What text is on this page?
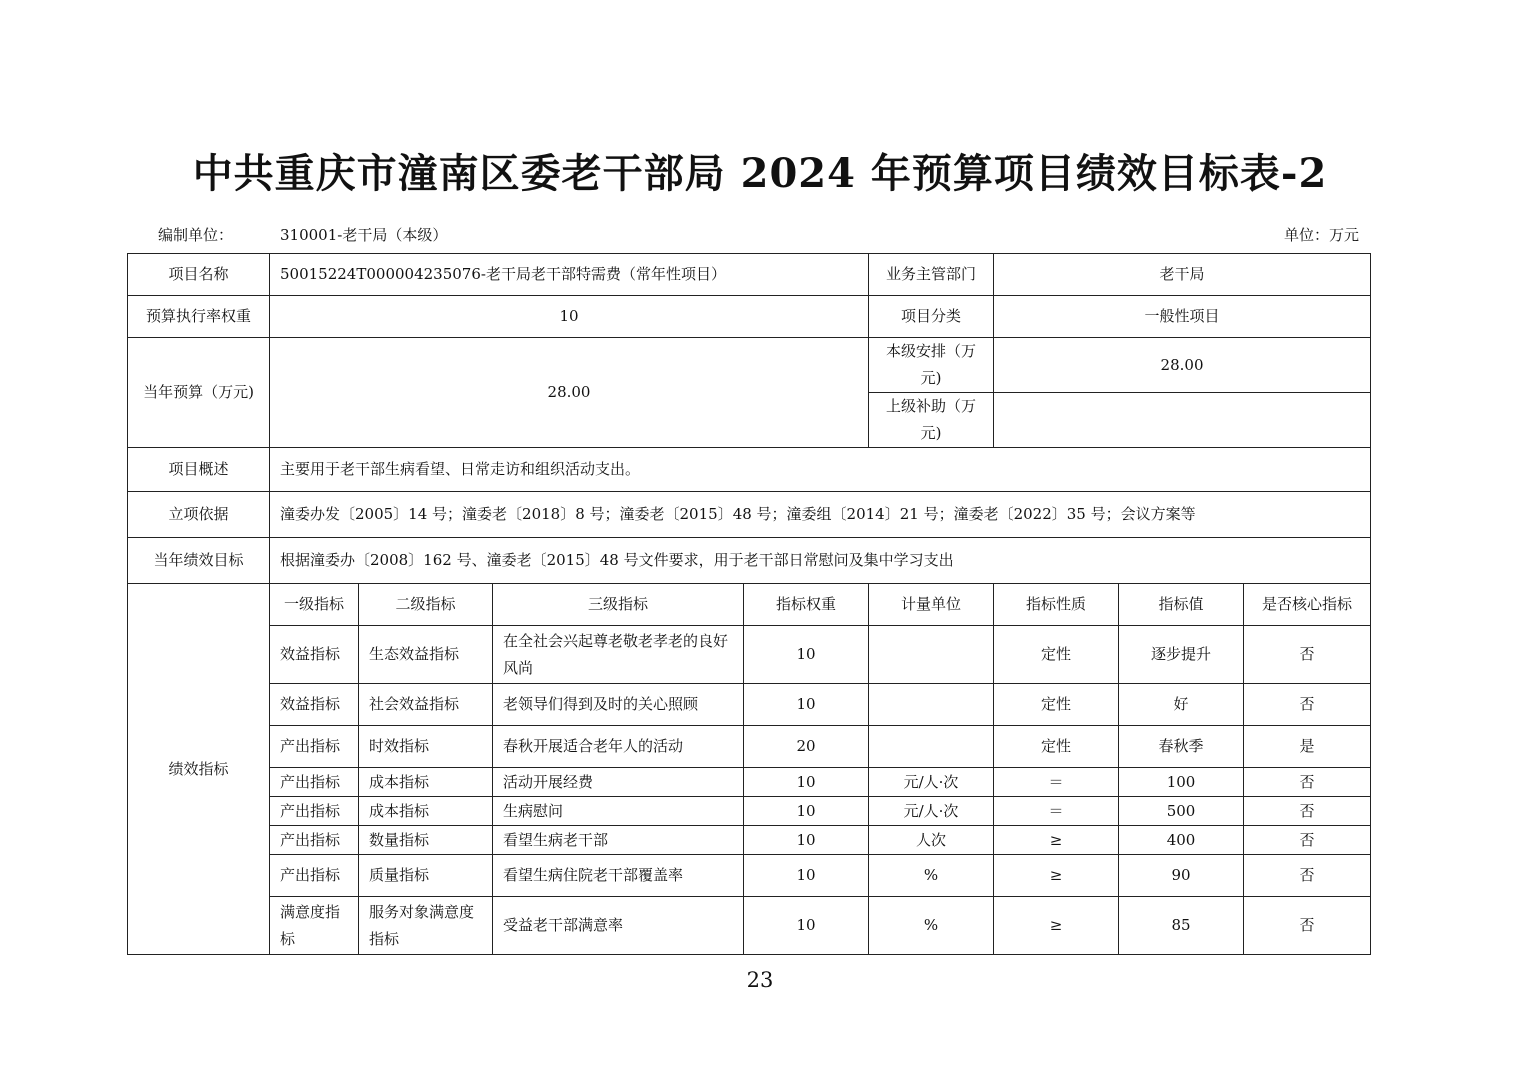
中共重庆市潼南区委老干部局 2024 年预算项目绩效目标表-2
编制单位：	310001-老干局（本级）	单位：万元
项目名称	50015224T000004235076-老干局老干部特需费（常年性项目）				业务主管部门	老干局		
预算执行率权重	10				项目分类	一般性项目		
当年预算（万元)	28.00				本级安排（万元)	28.00		
					上级补助（万元)			
项目概述	主要用于老干部生病看望、日常走访和组织活动支出。							
立项依据	潼委办发〔2005〕14 号；潼委老〔2018〕8 号；潼委老〔2015〕48 号；潼委组〔2014〕21 号；潼委老〔2022〕35 号；会议方案等							
当年绩效目标	根据潼委办〔2008〕162 号、潼委老〔2015〕48 号文件要求，用于老干部日常慰问及集中学习支出							
绩效指标	一级指标	二级指标	三级指标	指标权重	计量单位	指标性质	指标值	是否核心指标
	效益指标	生态效益指标	在全社会兴起尊老敬老孝老的良好风尚	10		定性	逐步提升	否
	效益指标	社会效益指标	老领导们得到及时的关心照顾	10		定性	好	否
	产出指标	时效指标	春秋开展适合老年人的活动	20		定性	春秋季	是
	产出指标	成本指标	活动开展经费	10	元/人·次	＝	100	否
	产出指标	成本指标	生病慰问	10	元/人·次	＝	500	否
	产出指标	数量指标	看望生病老干部	10	人次	≥	400	否
	产出指标	质量指标	看望生病住院老干部覆盖率	10	%	≥	90	否
	满意度指标	服务对象满意度指标	受益老干部满意率	10	%	≥	85	否
23
